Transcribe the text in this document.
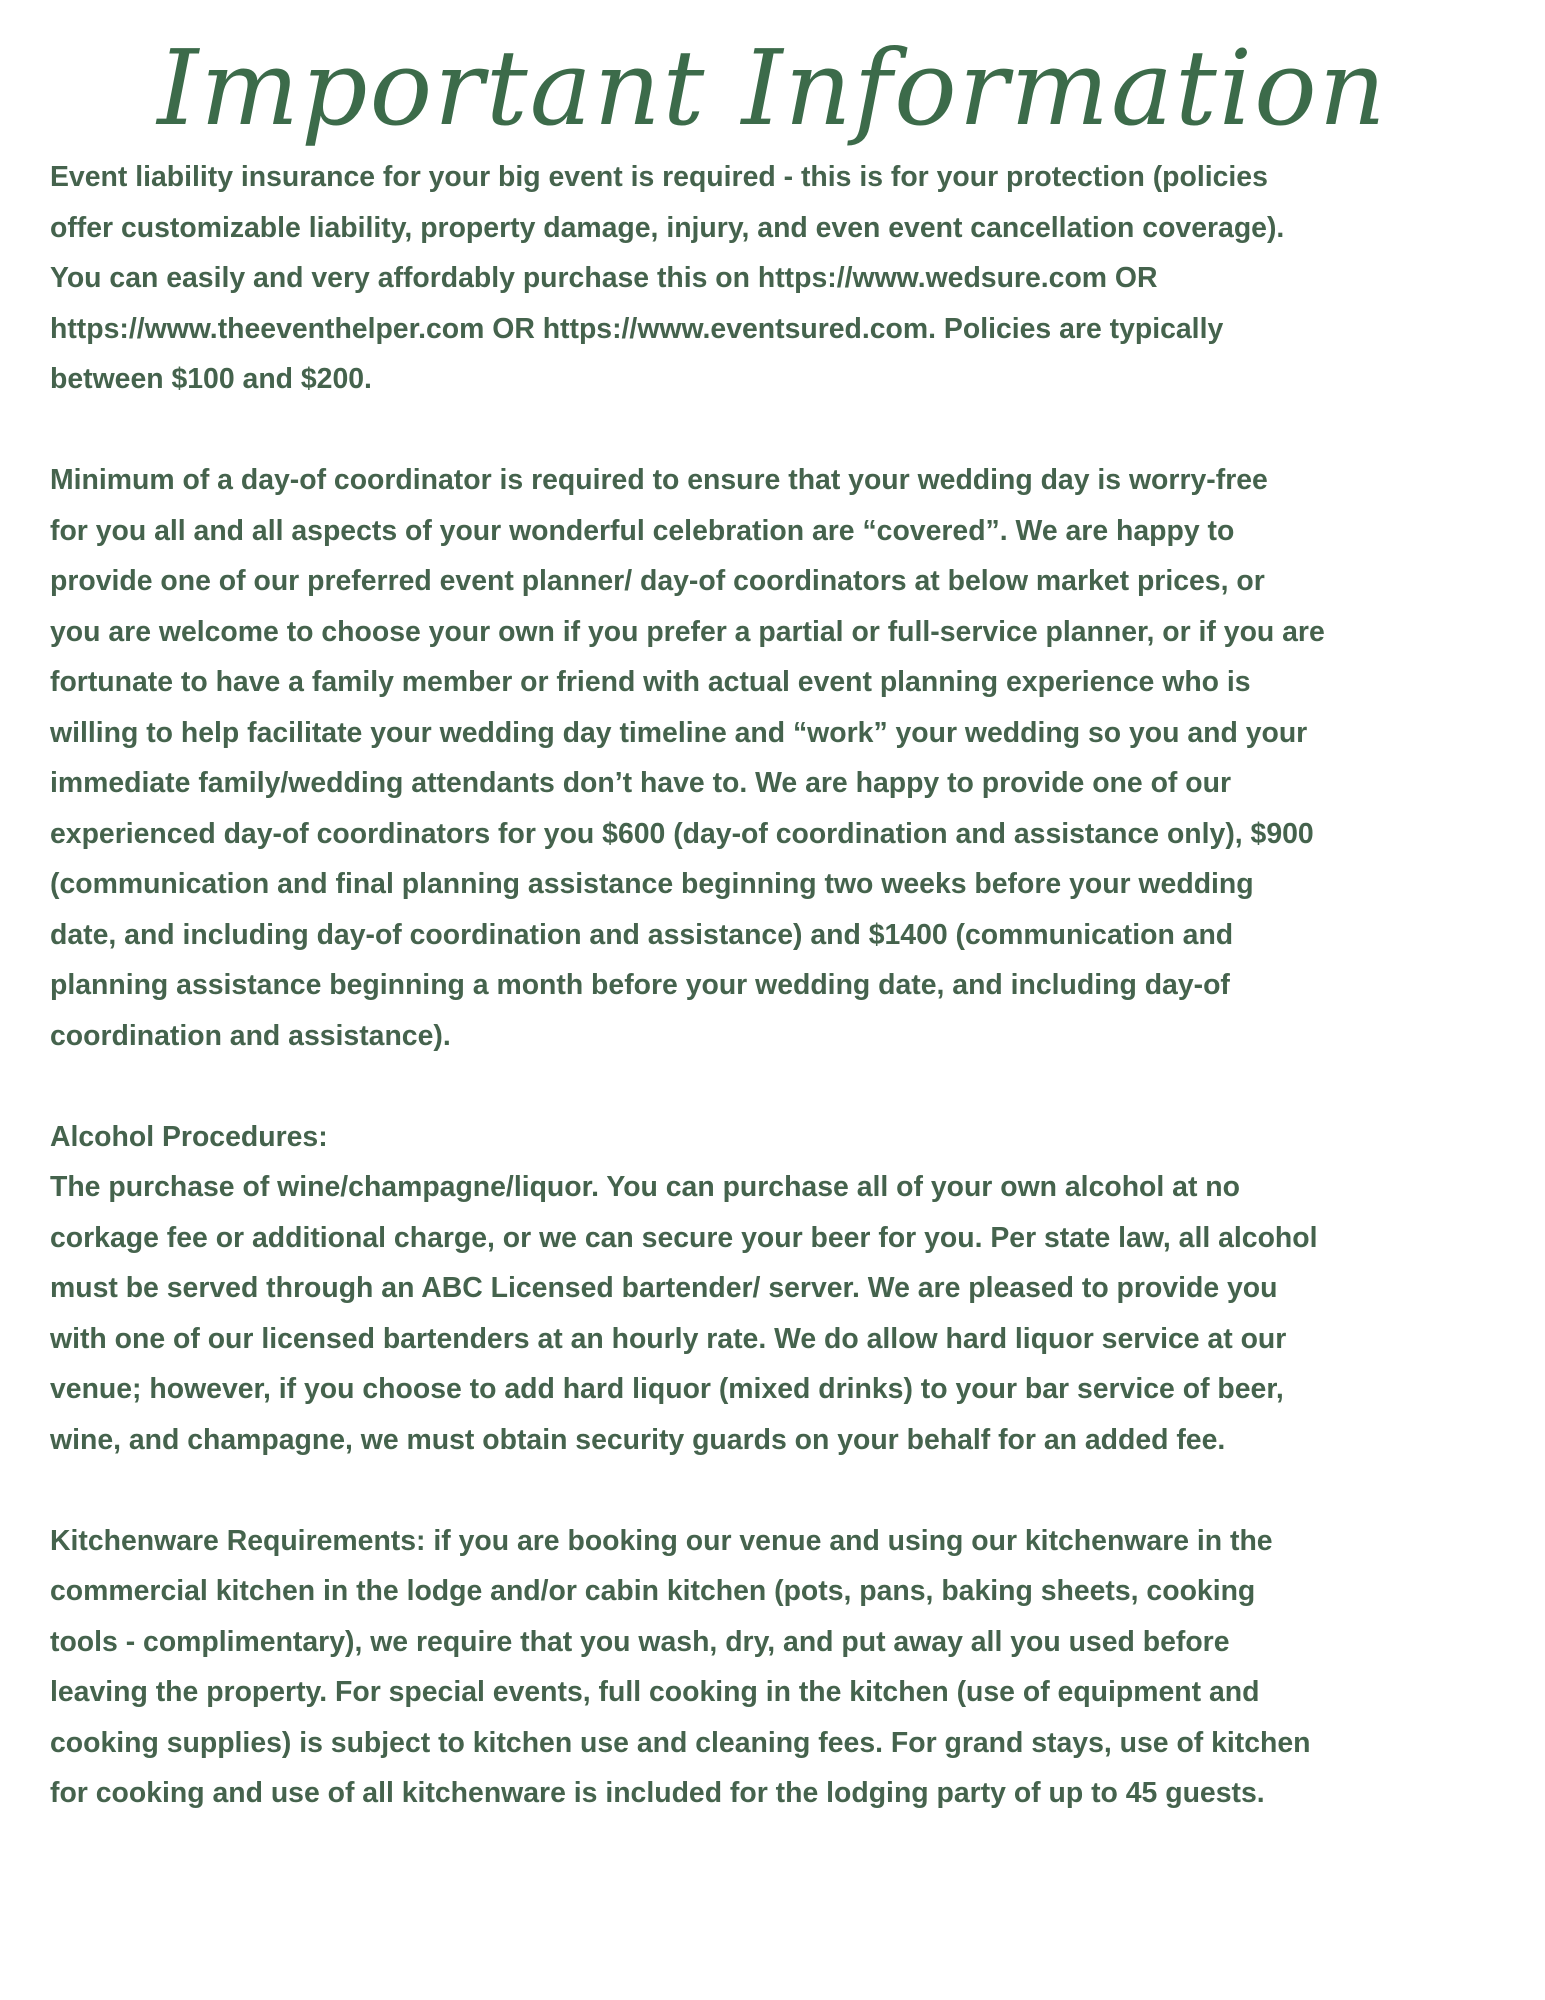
Important Information

Event liability insurance for your big event is required - this is for your protection (policies
offer customizable liability, property damage, injury, and even event cancellation coverage).
You can easily and very affordably purchase this on https://www.wedsure.com OR
https://www.theeventhelper.com OR https://www.eventsured.com. Policies are typically
between $100 and $200.

Minimum of a day-of coordinator is required to ensure that your wedding day is worry-free
for you all and all aspects of your wonderful celebration are “covered”. We are happy to
provide one of our preferred event planner/ day-of coordinators at below market prices, or
you are welcome to choose your own if you prefer a partial or full-service planner, or if you are
fortunate to have a family member or friend with actual event planning experience who is
willing to help facilitate your wedding day timeline and “work” your wedding so you and your
immediate family/wedding attendants don’t have to. We are happy to provide one of our
experienced day-of coordinators for you $600 (day-of coordination and assistance only), $900
(communication and final planning assistance beginning two weeks before your wedding
date, and including day-of coordination and assistance) and $1400 (communication and
planning assistance beginning a month before your wedding date, and including day-of
coordination and assistance).

Alcohol Procedures:
The purchase of wine/champagne/liquor. You can purchase all of your own alcohol at no
corkage fee or additional charge, or we can secure your beer for you. Per state law, all alcohol
must be served through an ABC Licensed bartender/ server. We are pleased to provide you
with one of our licensed bartenders at an hourly rate. We do allow hard liquor service at our
venue; however, if you choose to add hard liquor (mixed drinks) to your bar service of beer,
wine, and champagne, we must obtain security guards on your behalf for an added fee.

Kitchenware Requirements: if you are booking our venue and using our kitchenware in the
commercial kitchen in the lodge and/or cabin kitchen (pots, pans, baking sheets, cooking
tools - complimentary), we require that you wash, dry, and put away all you used before
leaving the property. For special events, full cooking in the kitchen (use of equipment and
cooking supplies) is subject to kitchen use and cleaning fees. For grand stays, use of kitchen
for cooking and use of all kitchenware is included for the lodging party of up to 45 guests.
